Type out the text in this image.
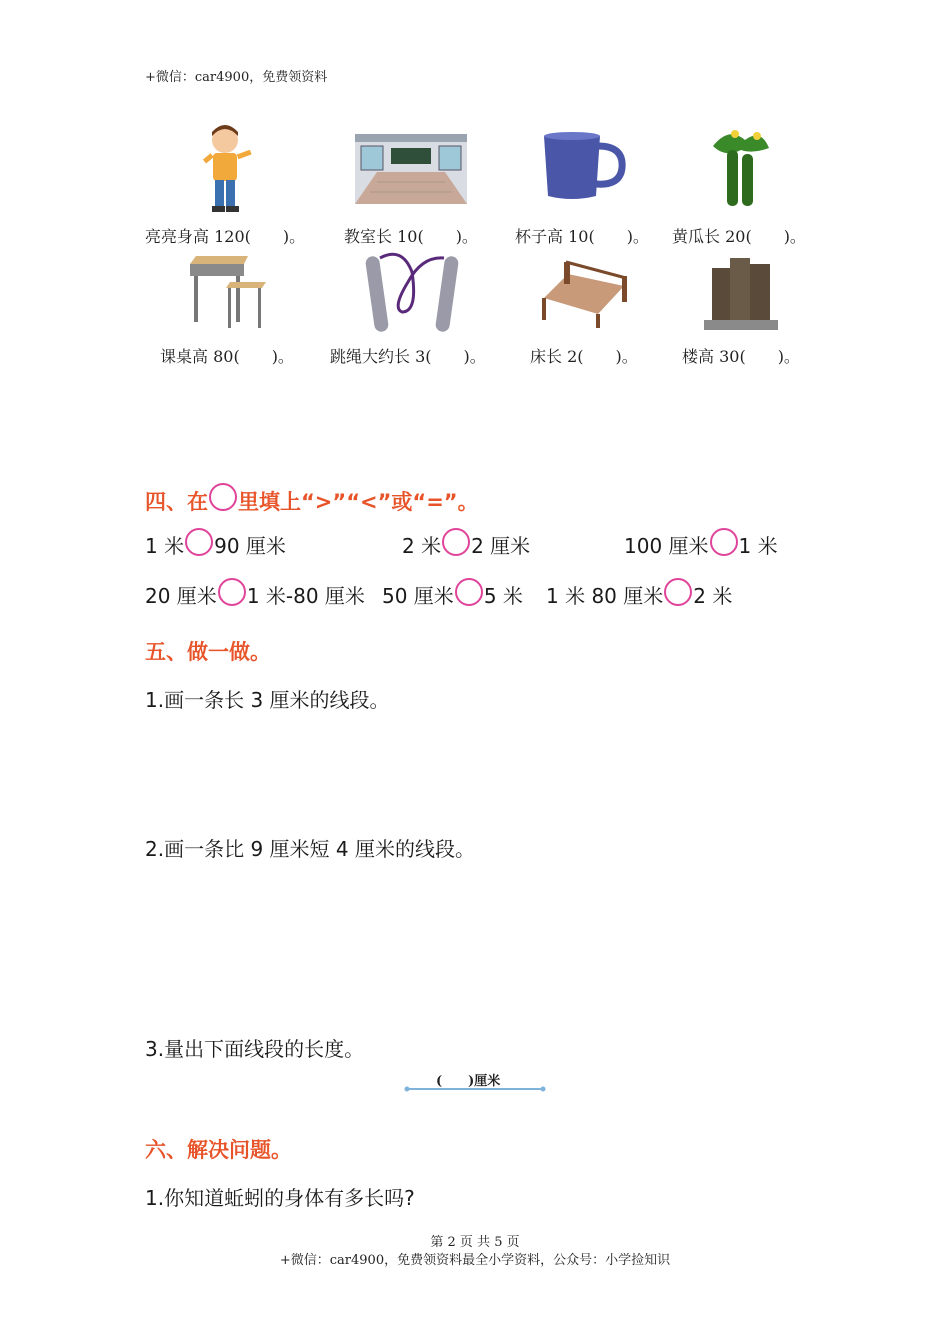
+微信：car4900，免费领资料
亮亮身高 120(　　)。 教室长 10(　　)。 杯子高 10(　　)。 黄瓜长 20(　　)。
课桌高 80(　　)。 跳绳大约长 3(　　)。	床长 2(　　)。	楼高 30(　　)。
四、在 里填上“>”“<”或“=”。
1 米 90 厘米	2 米 2 厘米	100 厘米 1 米
20 厘米 1 米-80 厘米 50 厘米 5 米 1 米 80 厘米 2 米
五、做一做。
1.画一条长 3 厘米的线段。
2.画一条比 9 厘米短 4 厘米的线段。
3.量出下面线段的长度。
(　　)厘米
六、解决问题。
1.你知道蚯蚓的身体有多长吗?
第 2 页 共 5 页
+微信：car4900，免费领资料最全小学资料，公众号：小学捡知识
